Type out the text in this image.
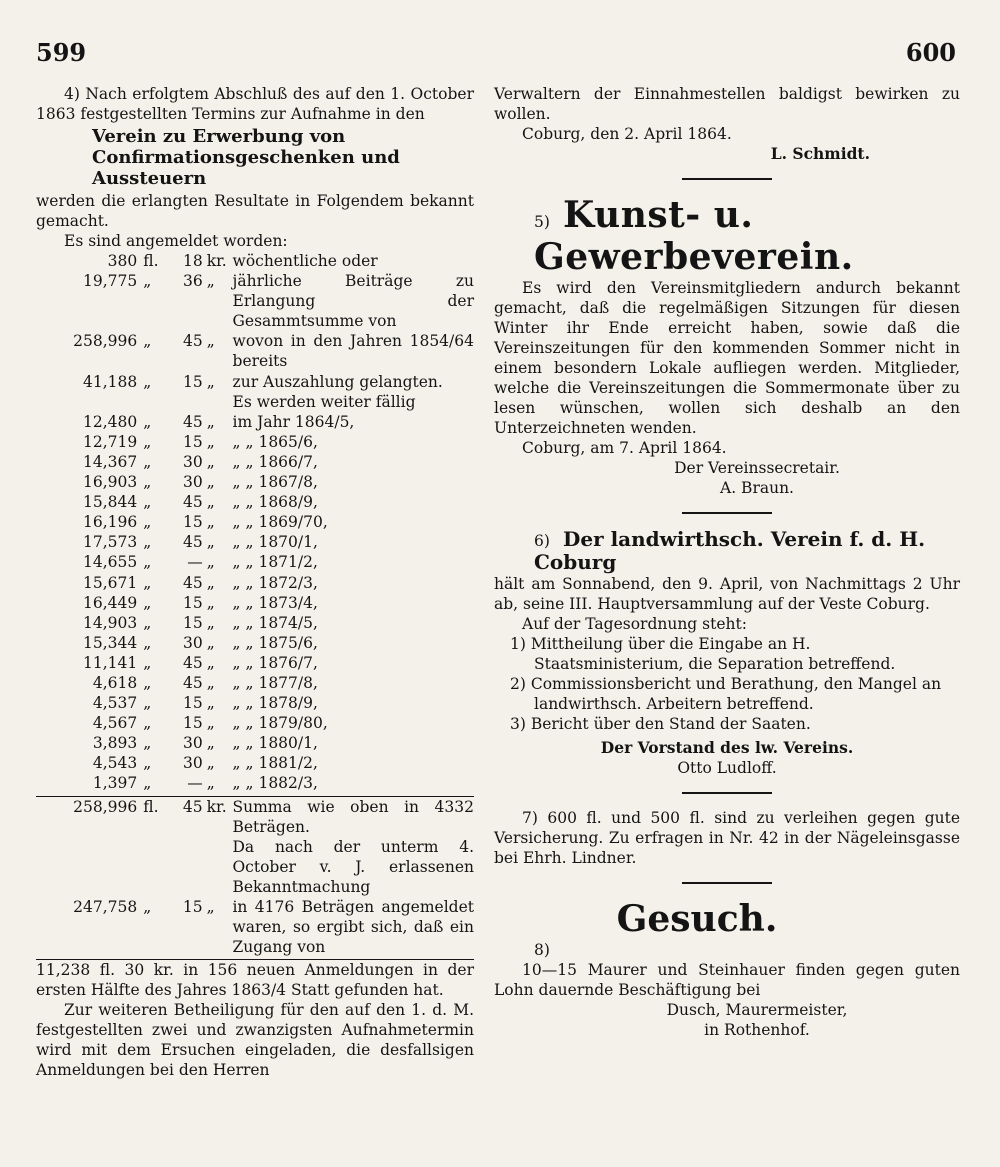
599	600

4) Nach erfolgtem Abschluß des auf den 1. October 1863 festgestellten Termins zur Aufnahme in den

Verein zu Erwerbung von Confirmationsgeschenken und Aussteuern

werden die erlangten Resultate in Folgendem bekannt gemacht.

Es sind angemeldet worden:

380	fl.	18	kr.	wöchentliche oder
19,775	„	36	„	jährliche Beiträge zu Erlangung der Gesammtsumme von
258,996	„	45	„	wovon in den Jahren 1854/64 bereits
41,188	„	15	„	zur Auszahlung gelangten.
				Es werden weiter fällig
12,480	„	45	„	im Jahr 1864/5,
12,719	„	15	„	„ „ 1865/6,
14,367	„	30	„	„ „ 1866/7,
16,903	„	30	„	„ „ 1867/8,
15,844	„	45	„	„ „ 1868/9,
16,196	„	15	„	„ „ 1869/70,
17,573	„	45	„	„ „ 1870/1,
14,655	„	—	„	„ „ 1871/2,
15,671	„	45	„	„ „ 1872/3,
16,449	„	15	„	„ „ 1873/4,
14,903	„	15	„	„ „ 1874/5,
15,344	„	30	„	„ „ 1875/6,
11,141	„	45	„	„ „ 1876/7,
4,618	„	45	„	„ „ 1877/8,
4,537	„	15	„	„ „ 1878/9,
4,567	„	15	„	„ „ 1879/80,
3,893	„	30	„	„ „ 1880/1,
4,543	„	30	„	„ „ 1881/2,
1,397	„	—	„	„ „ 1882/3,
258,996	fl.	45	kr.	Summa wie oben in 4332 Beträgen.
				Da nach der unterm 4. October v. J. erlassenen Bekanntmachung
247,758	„	15	„	in 4176 Beträgen angemeldet waren, so ergibt sich, daß ein Zugang von

11,238 fl. 30 kr. in 156 neuen Anmeldungen in der ersten Hälfte des Jahres 1863/4 Statt gefunden hat.

Zur weiteren Betheiligung für den auf den 1. d. M. festgestellten zwei und zwanzigsten Aufnahmetermin wird mit dem Ersuchen eingeladen, die desfallsigen Anmeldungen bei den Herren

Verwaltern der Einnahmestellen baldigst bewirken zu wollen.

Coburg, den 2. April 1864.

L. Schmidt.

5) Kunst- u. Gewerbeverein.

Es wird den Vereinsmitgliedern andurch bekannt gemacht, daß die regelmäßigen Sitzungen für diesen Winter ihr Ende erreicht haben, sowie daß die Vereinszeitungen für den kommenden Sommer nicht in einem besondern Lokale aufliegen werden. Mitglieder, welche die Vereinszeitungen die Sommermonate über zu lesen wünschen, wollen sich deshalb an den Unterzeichneten wenden.

Coburg, am 7. April 1864.

Der Vereinssecretair.

A. Braun.

6) Der landwirthsch. Verein f. d. H. Coburg

hält am Sonnabend, den 9. April, von Nachmittags 2 Uhr ab, seine III. Hauptversammlung auf der Veste Coburg.

Auf der Tagesordnung steht:

1) Mittheilung über die Eingabe an H. Staatsministerium, die Separation betreffend.
2) Commissionsbericht und Berathung, den Mangel an landwirthsch. Arbeitern betreffend.
3) Bericht über den Stand der Saaten.

Der Vorstand des lw. Vereins.

Otto Ludloff.

7) 600 fl. und 500 fl. sind zu verleihen gegen gute Versicherung. Zu erfragen in Nr. 42 in der Nägeleinsgasse bei Ehrh. Lindner.

Gesuch.

8)

10—15 Maurer und Steinhauer finden gegen guten Lohn dauernde Beschäftigung bei

Dusch, Maurermeister,

in Rothenhof.
